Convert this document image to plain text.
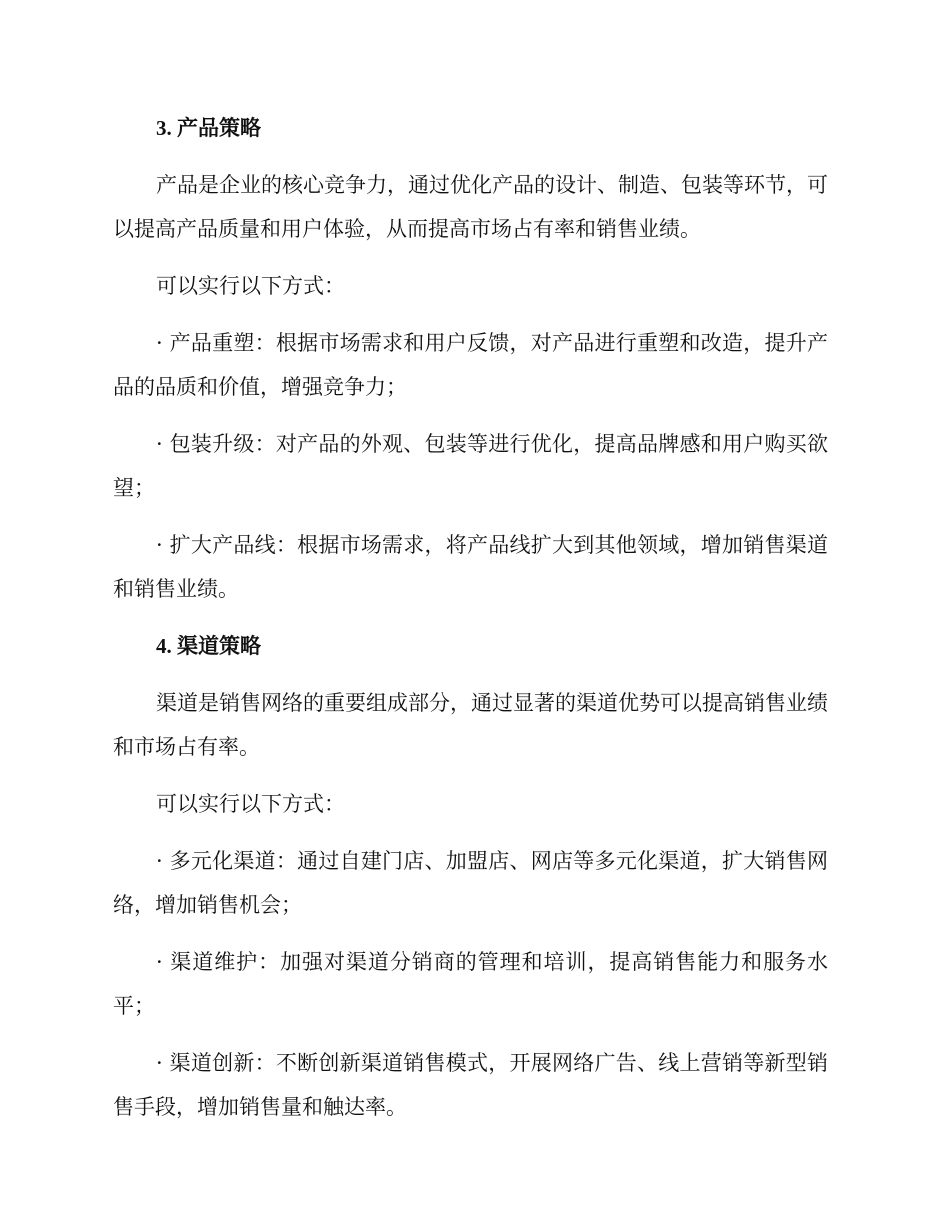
3. 产品策略

产品是企业的核心竞争力，通过优化产品的设计、制造、包装等环节，可以提高产品质量和用户体验，从而提高市场占有率和销售业绩。

可以实行以下方式：

· 产品重塑：根据市场需求和用户反馈，对产品进行重塑和改造，提升产品的品质和价值，增强竞争力；

· 包装升级：对产品的外观、包装等进行优化，提高品牌感和用户购买欲望；

· 扩大产品线：根据市场需求，将产品线扩大到其他领域，增加销售渠道和销售业绩。

4. 渠道策略

渠道是销售网络的重要组成部分，通过显著的渠道优势可以提高销售业绩和市场占有率。

可以实行以下方式：

· 多元化渠道：通过自建门店、加盟店、网店等多元化渠道，扩大销售网络，增加销售机会；

· 渠道维护：加强对渠道分销商的管理和培训，提高销售能力和服务水平；

· 渠道创新：不断创新渠道销售模式，开展网络广告、线上营销等新型销售手段，增加销售量和触达率。
